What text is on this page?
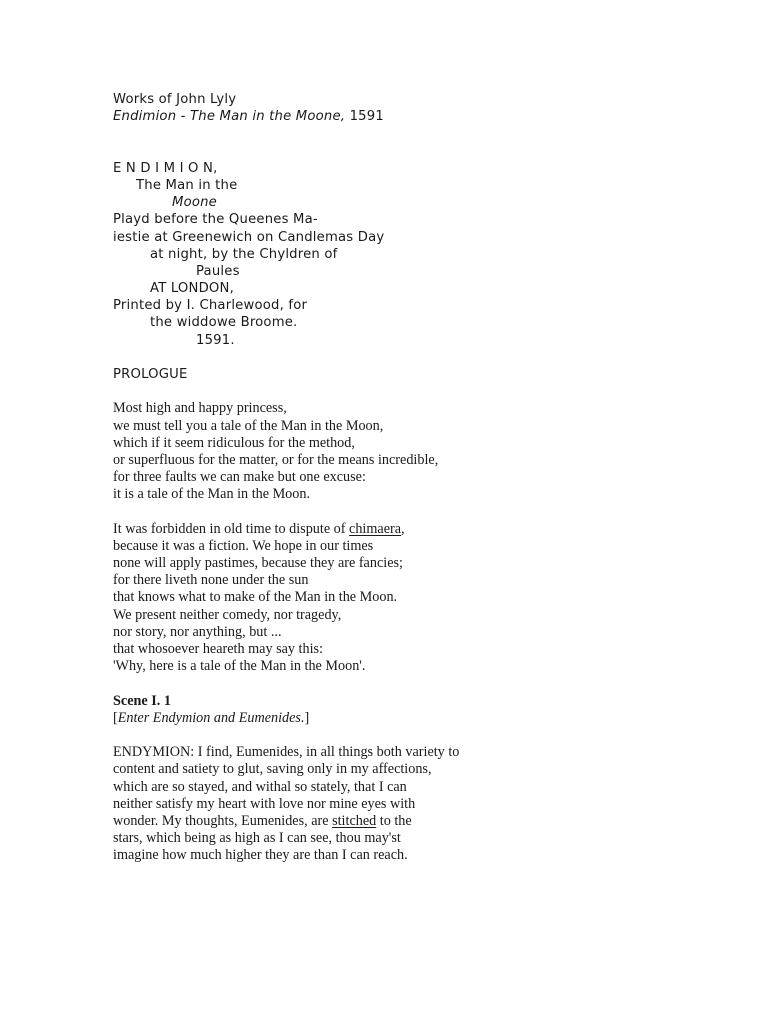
Works of John Lyly
Endimion - The Man in the Moone, 1591
E N D I M I O N,
The Man in the
Moone
Playd before the Queenes Ma-
iestie at Greenewich on Candlemas Day
at night, by the Chyldren of
Paules
AT LONDON,
Printed by I. Charlewood, for
the widdowe Broome.
1591.
PROLOGUE
Most high and happy princess,
we must tell you a tale of the Man in the Moon,
which if it seem ridiculous for the method,
or superfluous for the matter, or for the means incredible,
for three faults we can make but one excuse:
it is a tale of the Man in the Moon.
It was forbidden in old time to dispute of chimaera,
because it was a fiction. We hope in our times
none will apply pastimes, because they are fancies;
for there liveth none under the sun
that knows what to make of the Man in the Moon.
We present neither comedy, nor tragedy,
nor story, nor anything, but ...
that whosoever heareth may say this:
'Why, here is a tale of the Man in the Moon'.
Scene I. 1
[Enter Endymion and Eumenides.]
ENDYMION: I find, Eumenides, in all things both variety to
content and satiety to glut, saving only in my affections,
which are so stayed, and withal so stately, that I can
neither satisfy my heart with love nor mine eyes with
wonder. My thoughts, Eumenides, are stitched to the
stars, which being as high as I can see, thou may'st
imagine how much higher they are than I can reach.
